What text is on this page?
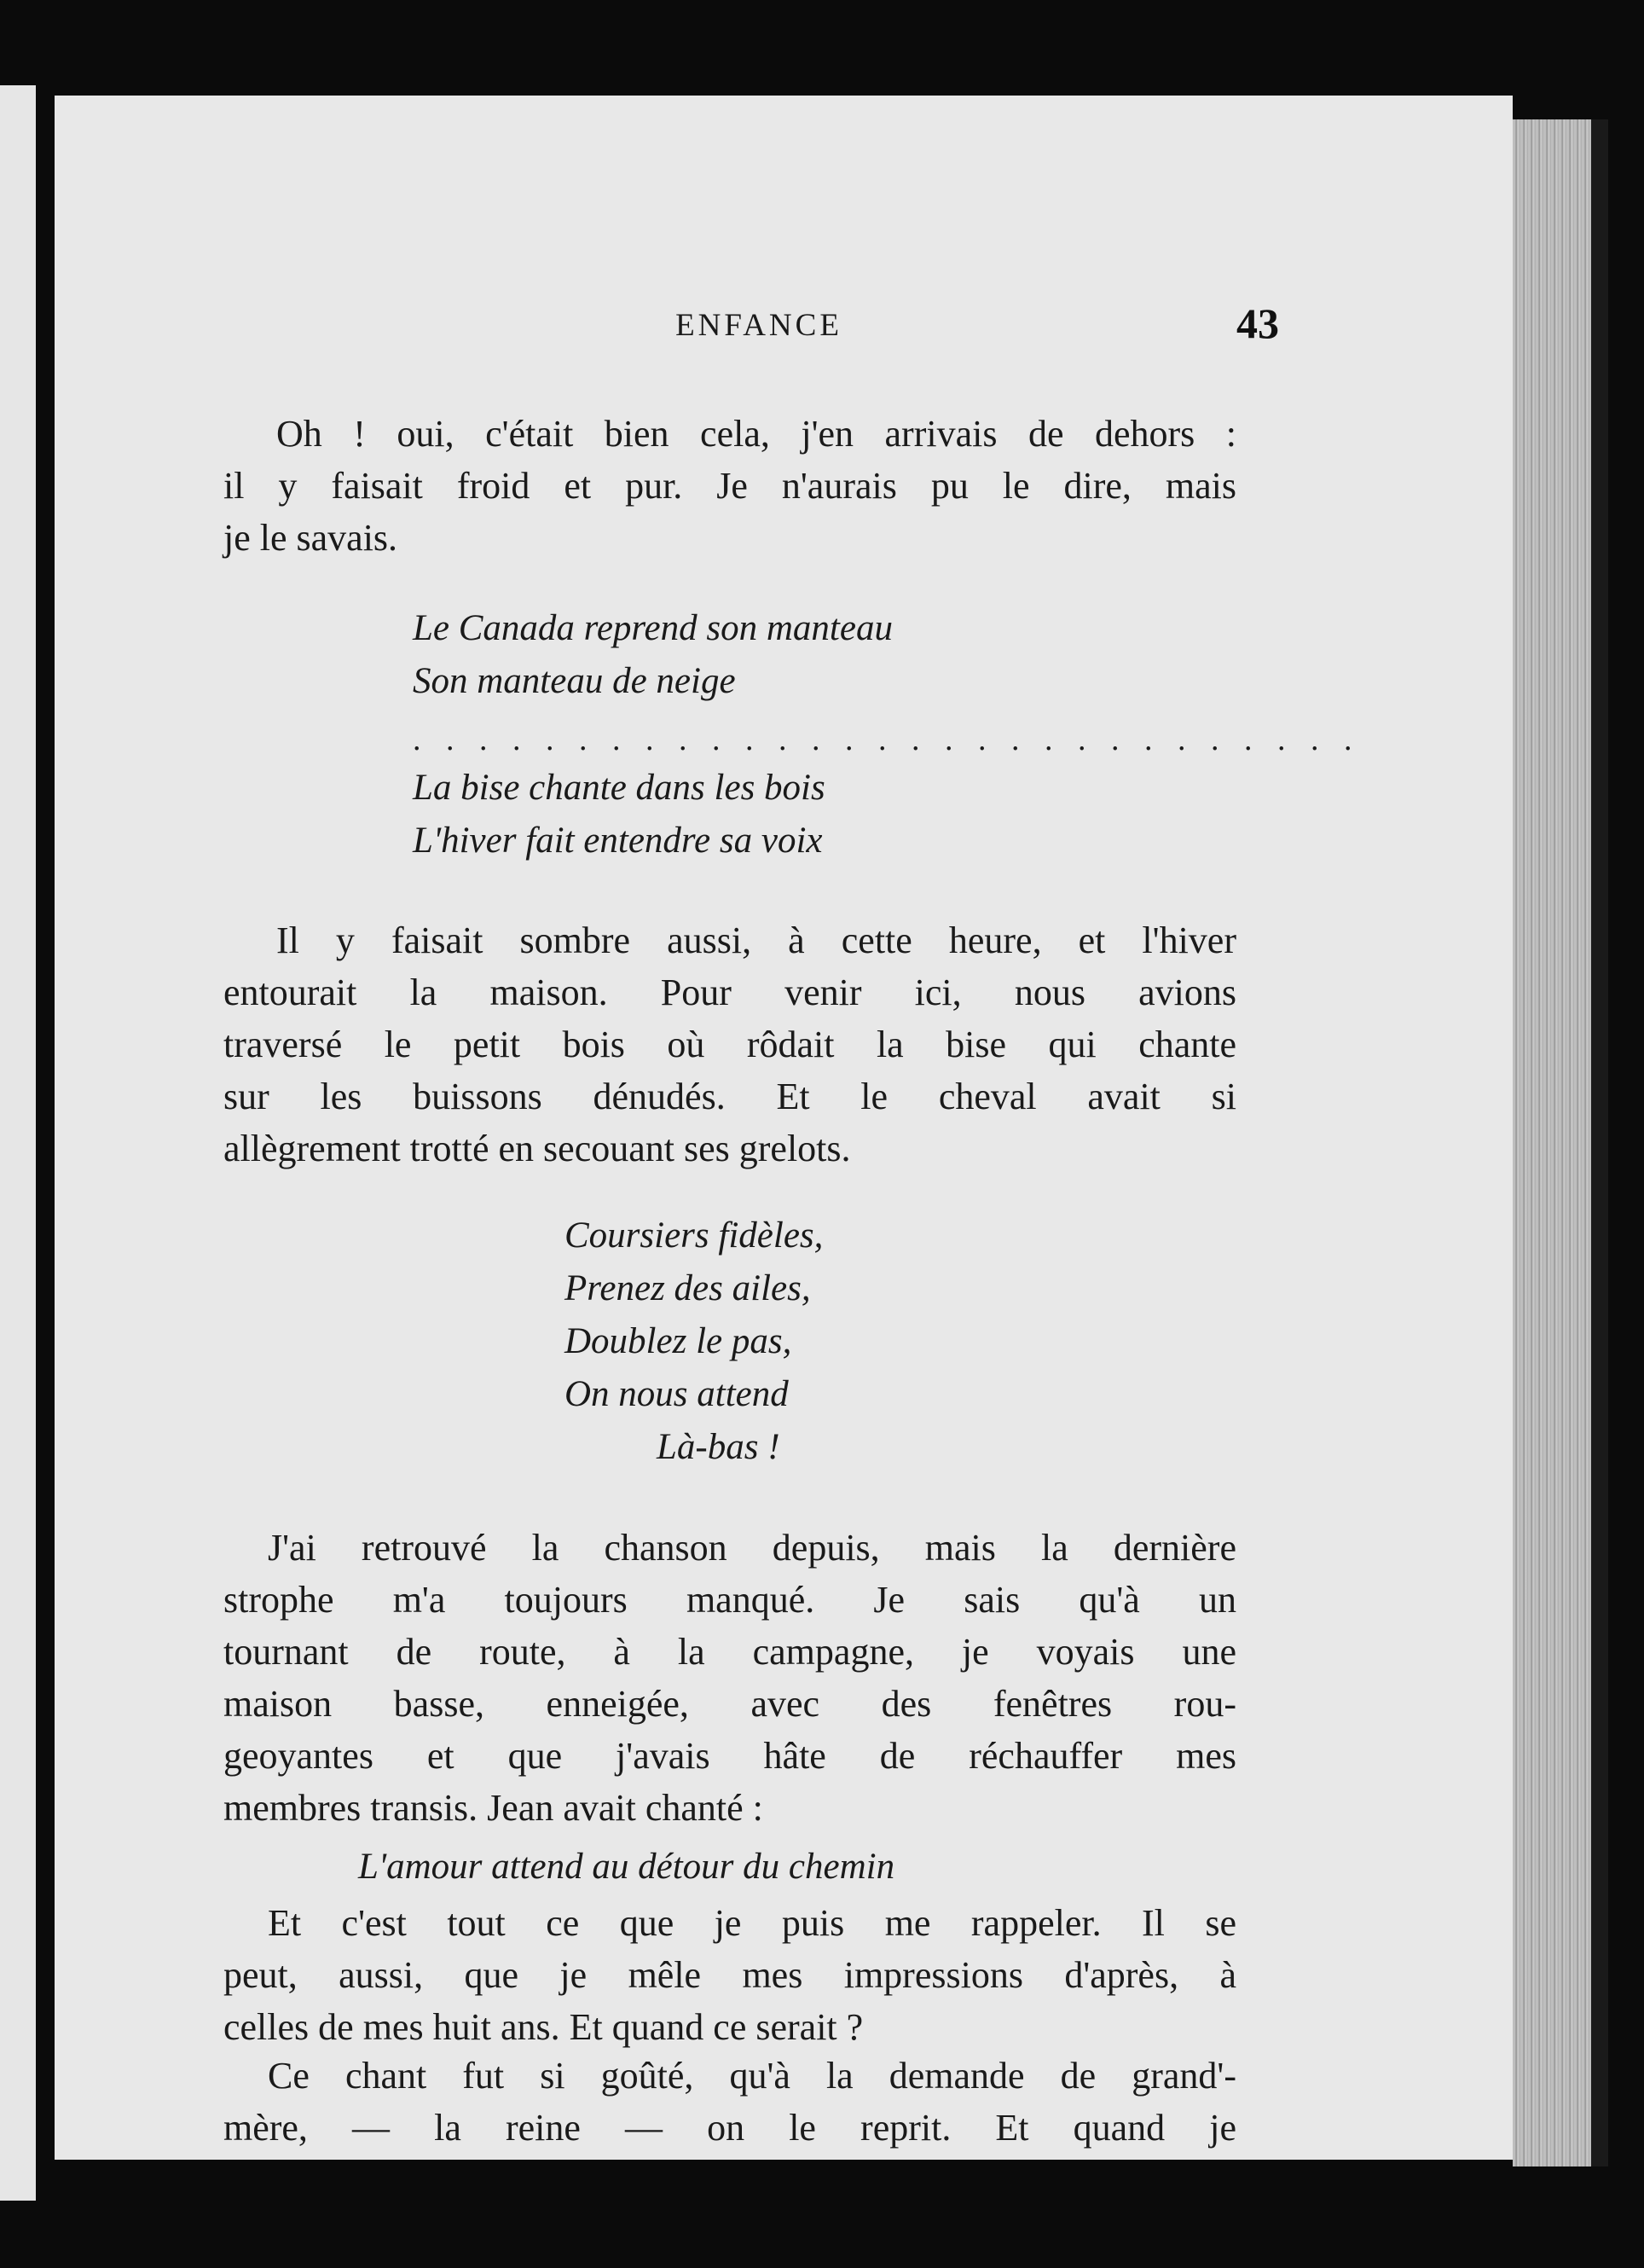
ENFANCE	43
Oh ! oui, c'était bien cela, j'en arrivais de dehors :
il y faisait froid et pur. Je n'aurais pu le dire, mais
je le savais.
Le Canada reprend son manteau
Son manteau de neige
. . . . . . . . . . . . . . . . . . . . . . . . . . . . .
La bise chante dans les bois
L'hiver fait entendre sa voix
Il y faisait sombre aussi, à cette heure, et l'hiver
entourait la maison. Pour venir ici, nous avions
traversé le petit bois où rôdait la bise qui chante
sur les buissons dénudés. Et le cheval avait si
allègrement trotté en secouant ses grelots.
Coursiers fidèles,
Prenez des ailes,
Doublez le pas,
On nous attend
Là-bas !
J'ai retrouvé la chanson depuis, mais la dernière
strophe m'a toujours manqué. Je sais qu'à un
tournant de route, à la campagne, je voyais une
maison basse, enneigée, avec des fenêtres rou-
geoyantes et que j'avais hâte de réchauffer mes
membres transis. Jean avait chanté :
L'amour attend au détour du chemin
Et c'est tout ce que je puis me rappeler. Il se
peut, aussi, que je mêle mes impressions d'après, à
celles de mes huit ans. Et quand ce serait ?
Ce chant fut si goûté, qu'à la demande de grand'-
mère, — la reine — on le reprit. Et quand je
